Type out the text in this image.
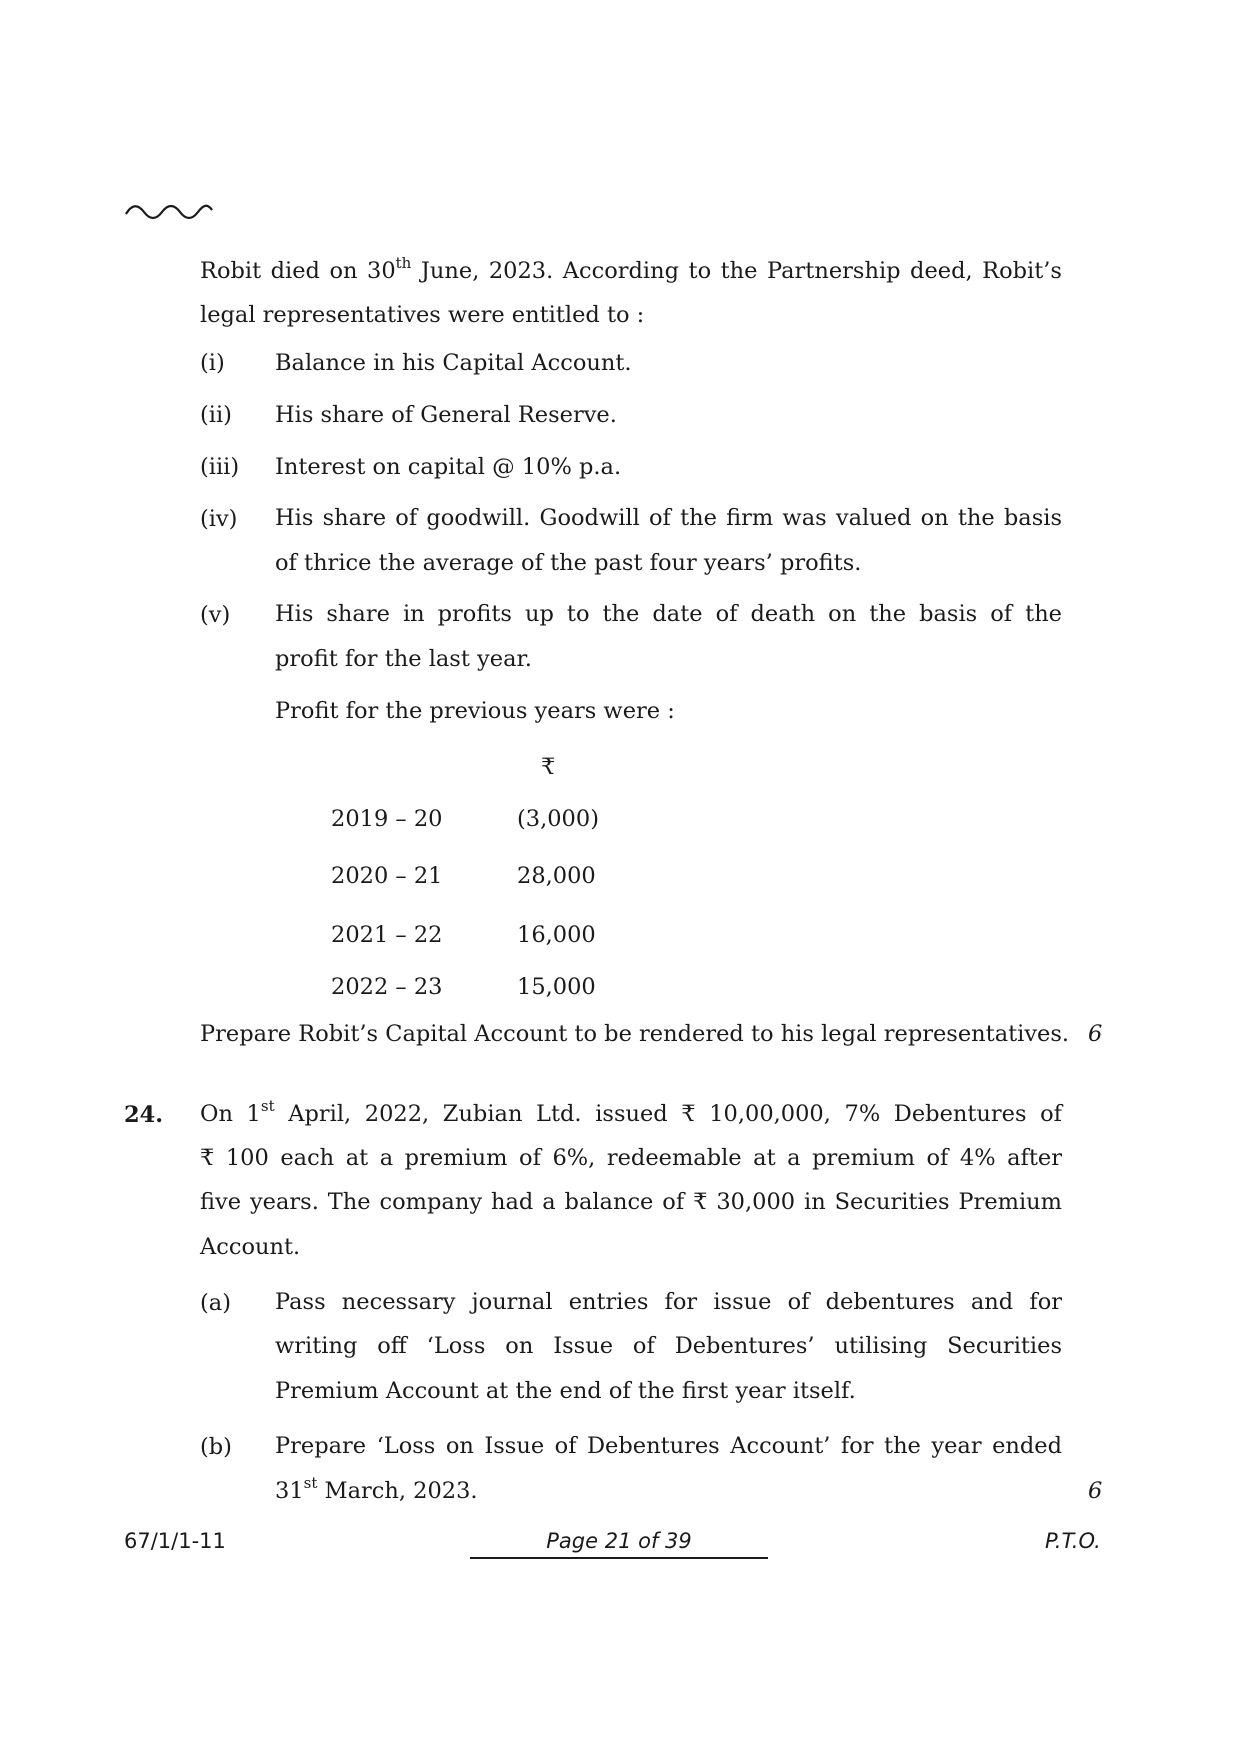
Robit died on 30th June, 2023. According to the Partnership deed, Robit’s
legal representatives were entitled to :
(i) Balance in his Capital Account.
(ii) His share of General Reserve.
(iii) Interest on capital @ 10% p.a.
(iv) His share of goodwill. Goodwill of the firm was valued on the basis
of thrice the average of the past four years’ profits.
(v) His share in profits up to the date of death on the basis of the
profit for the last year.
Profit for the previous years were :
₹
2019 – 20	(3,000)
2020 – 21	28,000
2021 – 22	16,000
2022 – 23	15,000
Prepare Robit’s Capital Account to be rendered to his legal representatives. 6
24. On 1st April, 2022, Zubian Ltd. issued ₹ 10,00,000, 7% Debentures of
₹ 100 each at a premium of 6%, redeemable at a premium of 4% after
five years. The company had a balance of ₹ 30,000 in Securities Premium
Account.
(a) Pass necessary journal entries for issue of debentures and for
writing off ‘Loss on Issue of Debentures’ utilising Securities
Premium Account at the end of the first year itself.
(b) Prepare ‘Loss on Issue of Debentures Account’ for the year ended
31st March, 2023.	6
67/1/1-11	Page 21 of 39	P.T.O.
